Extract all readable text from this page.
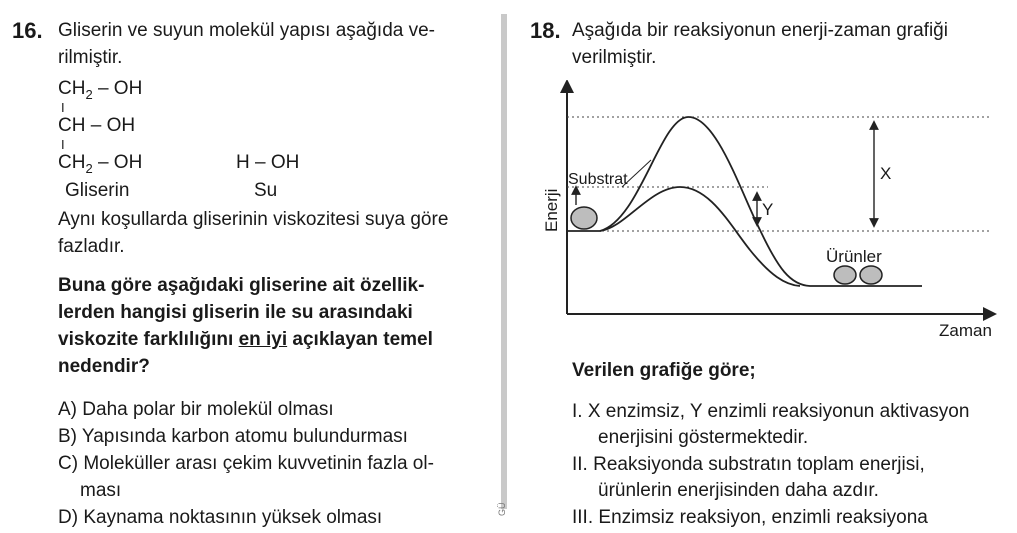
16. Gliserin ve suyun molekül yapısı aşağıda ve-
rilmiştir.
$CH_2$ – OH
I
CH – OH
I
$CH_2$ – OH	H – OH
Gliserin	Su
Aynı koşullarda gliserinin viskozitesi suya göre
fazladır.
Buna göre aşağıdaki gliserine ait özellik-
lerden hangisi gliserin ile su arasındaki
viskozite farklılığını en iyi açıklayan temel
nedendir?
A) Daha polar bir molekül olması
B) Yapısında karbon atomu bulundurması
C) Moleküller arası çekim kuvvetinin fazla ol-
ması
D) Kaynama noktasının yüksek olması	GÜ
18. Aşağıda bir reaksiyonun enerji-zaman grafiği
verilmiştir.
Substrat
Y
X
Ürünler
Zaman
Enerji
Verilen grafiğe göre;
I. X enzimsiz, Y enzimli reaksiyonun aktivasyon
enerjisini göstermektedir.
II. Reaksiyonda substratın toplam enerjisi,
ürünlerin enerjisinden daha azdır.
III. Enzimsiz reaksiyon, enzimli reaksiyona
